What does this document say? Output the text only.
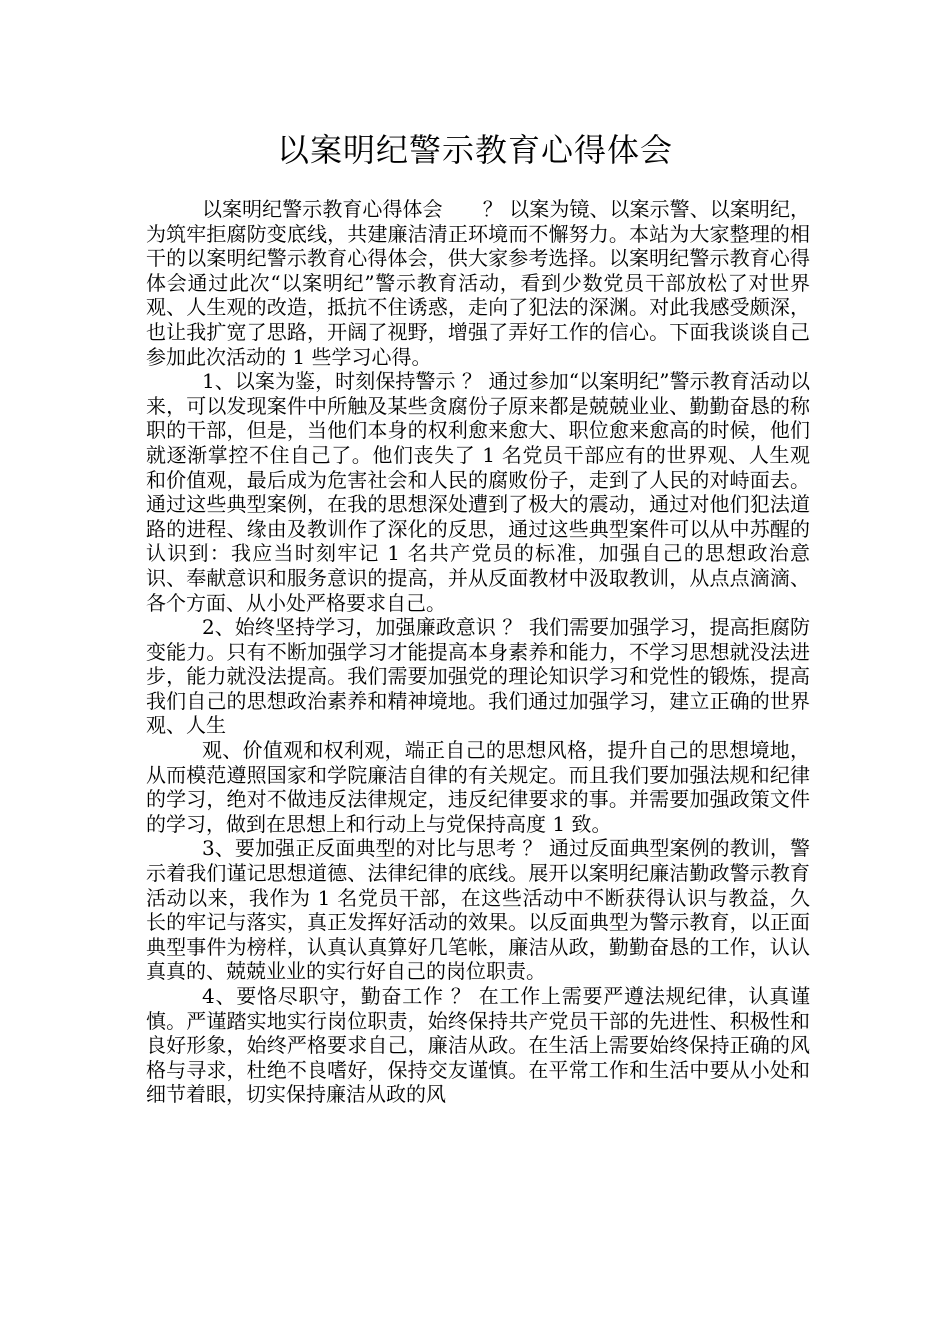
以案明纪警示教育心得体会

以案明纪警示教育心得体会　　？ 以案为镜、以案示警、以案明纪，为筑牢拒腐防变底线，共建廉洁清正环境而不懈努力。本站为大家整理的相干的以案明纪警示教育心得体会，供大家参考选择。以案明纪警示教育心得体会通过此次“以案明纪”警示教育活动，看到少数党员干部放松了对世界观、人生观的改造，抵抗不住诱惑，走向了犯法的深渊。对此我感受颇深，也让我扩宽了思路，开阔了视野，增强了弄好工作的信心。下面我谈谈自己参加此次活动的 1 些学习心得。

1、以案为鉴，时刻保持警示 ？ 通过参加“以案明纪”警示教育活动以来，可以发现案件中所触及某些贪腐份子原来都是兢兢业业、勤勤奋恳的称职的干部，但是，当他们本身的权利愈来愈大、职位愈来愈高的时候，他们就逐渐掌控不住自己了。他们丧失了 1 名党员干部应有的世界观、人生观和价值观，最后成为危害社会和人民的腐败份子，走到了人民的对峙面去。通过这些典型案例，在我的思想深处遭到了极大的震动，通过对他们犯法道路的进程、缘由及教训作了深化的反思，通过这些典型案件可以从中苏醒的认识到：我应当时刻牢记 1 名共产党员的标准，加强自己的思想政治意识、奉献意识和服务意识的提高，并从反面教材中汲取教训，从点点滴滴、各个方面、从小处严格要求自己。

2、始终坚持学习，加强廉政意识 ？ 我们需要加强学习，提高拒腐防变能力。只有不断加强学习才能提高本身素养和能力，不学习思想就没法进步，能力就没法提高。我们需要加强党的理论知识学习和党性的锻炼，提高我们自己的思想政治素养和精神境地。我们通过加强学习，建立正确的世界观、人生

观、价值观和权利观，端正自己的思想风格，提升自己的思想境地，从而模范遵照国家和学院廉洁自律的有关规定。而且我们要加强法规和纪律的学习，绝对不做违反法律规定，违反纪律要求的事。并需要加强政策文件的学习，做到在思想上和行动上与党保持高度 1 致。

3、要加强正反面典型的对比与思考 ？ 通过反面典型案例的教训，警示着我们谨记思想道德、法律纪律的底线。展开以案明纪廉洁勤政警示教育活动以来，我作为 1 名党员干部，在这些活动中不断获得认识与教益，久长的牢记与落实，真正发挥好活动的效果。以反面典型为警示教育，以正面典型事件为榜样，认真认真算好几笔帐，廉洁从政，勤勤奋恳的工作，认认真真的、兢兢业业的实行好自己的岗位职责。

4、要恪尽职守，勤奋工作 ？ 在工作上需要严遵法规纪律，认真谨慎。严谨踏实地实行岗位职责，始终保持共产党员干部的先进性、积极性和良好形象，始终严格要求自己，廉洁从政。在生活上需要始终保持正确的风格与寻求，杜绝不良嗜好，保持交友谨慎。在平常工作和生活中要从小处和细节着眼，切实保持廉洁从政的风
